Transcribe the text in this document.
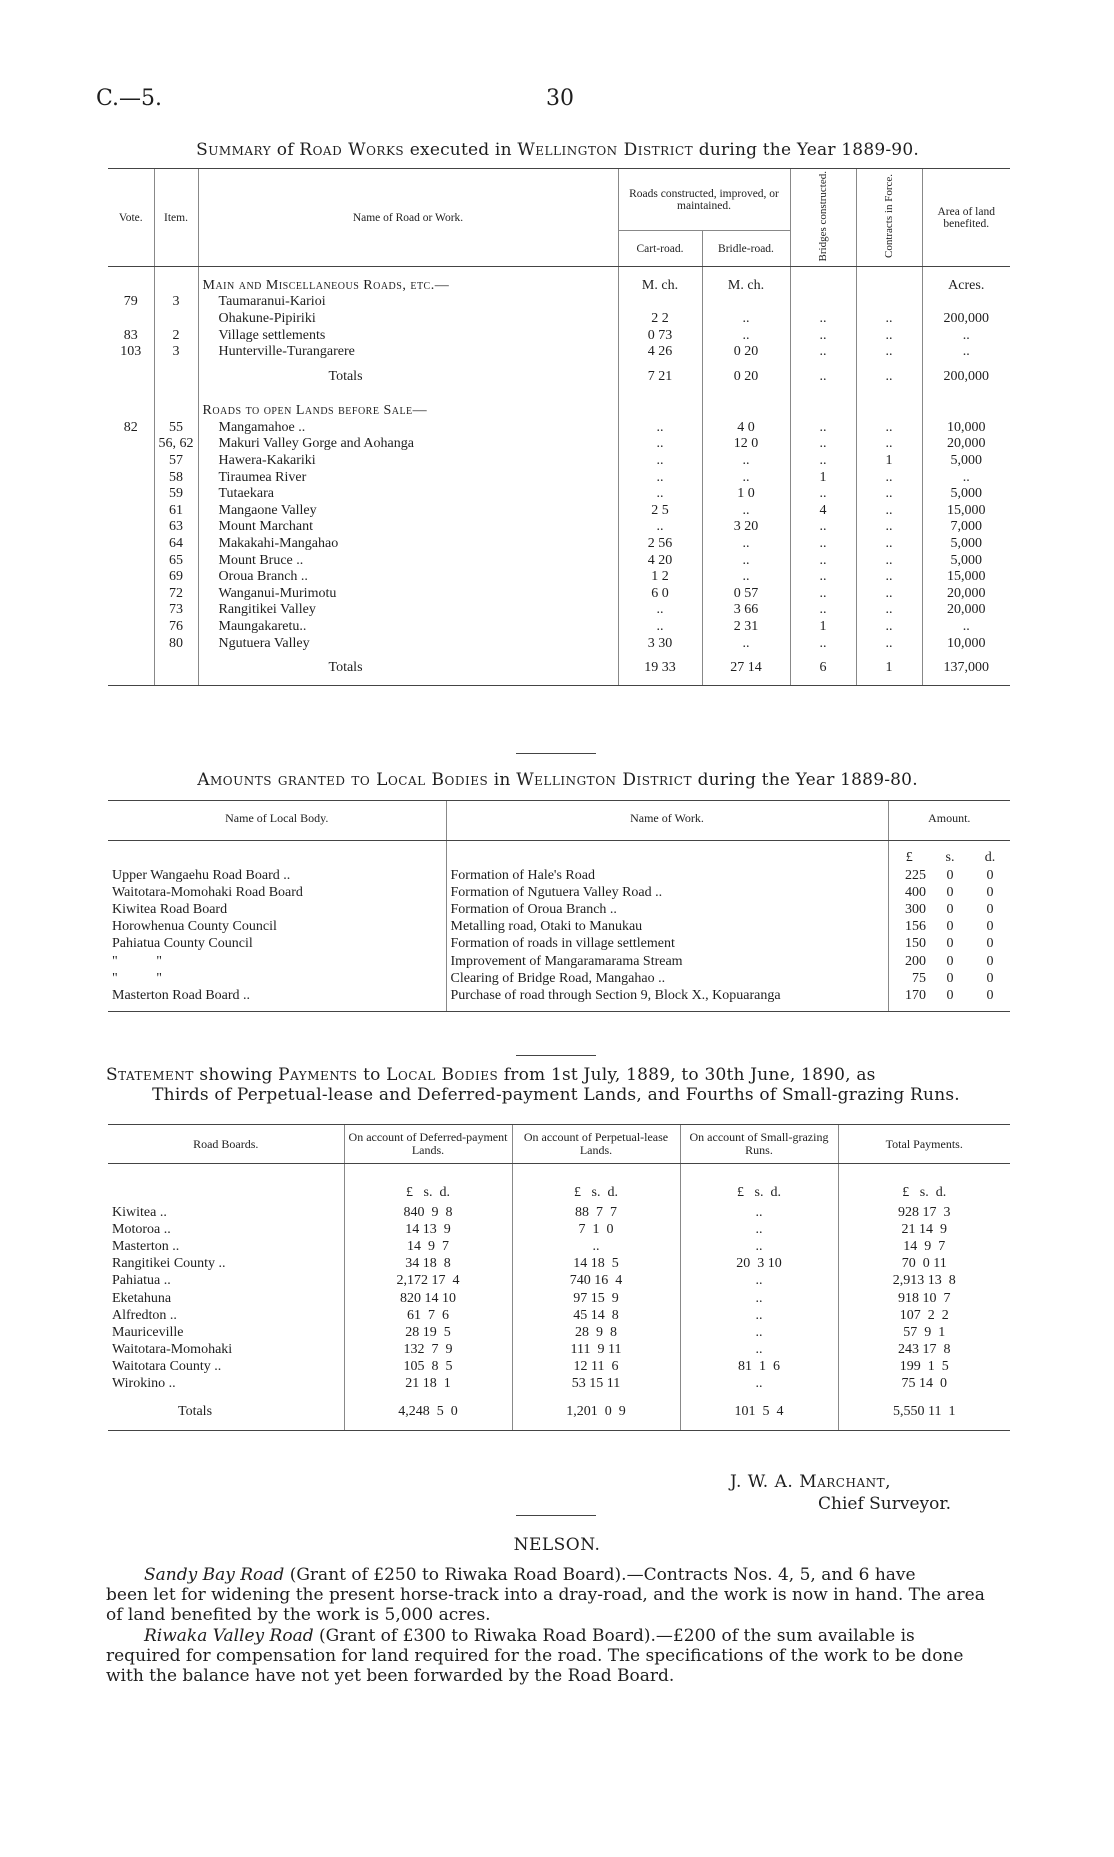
C.—5.	30
Summary of Road Works executed in Wellington District during the Year 1889-90.
Vote.	Item.	Name of Road or Work.	Roads constructed, improved, or maintained.		Bridges constructed.	Contracts in Force.	Area of land benefited.
			Cart-road.	Bridle-road.			
		Main and Miscellaneous Roads, etc.—	M. ch.	M. ch.			Acres.
79	3	Taumaranui-Karioi					
		Ohakune-Pipiriki	2 2	..	..	..	200,000
83	2	Village settlements	0 73	..	..	..	..
103	3	Hunterville-Turangarere	4 26	0 20	..	..	..
		Totals	7 21	0 20	..	..	200,000
		Roads to open Lands before Sale—					
82	55	Mangamahoe ..	..	4 0	..	..	10,000
	56, 62	Makuri Valley Gorge and Aohanga	..	12 0	..	..	20,000
	57	Hawera-Kakariki	..	..	..	1	5,000
	58	Tiraumea River	..	..	1	..	..
	59	Tutaekara	..	1 0	..	..	5,000
	61	Mangaone Valley	2 5	..	4	..	15,000
	63	Mount Marchant	..	3 20	..	..	7,000
	64	Makakahi-Mangahao	2 56	..	..	..	5,000
	65	Mount Bruce ..	4 20	..	..	..	5,000
	69	Oroua Branch ..	1 2	..	..	..	15,000
	72	Wanganui-Murimotu	6 0	0 57	..	..	20,000
	73	Rangitikei Valley	..	3 66	..	..	20,000
	76	Maungakaretu..	..	2 31	1	..	..
	80	Ngutuera Valley	3 30	..	..	..	10,000
		Totals	19 33	27 14	6	1	137,000
Amounts granted to Local Bodies in Wellington District during the Year 1889-80.
Name of Local Body.	Name of Work.	Amount.		
		£	s.	d.
Upper Wangaehu Road Board ..	Formation of Hale's Road	225	0	0
Waitotara-Momohaki Road Board	Formation of Ngutuera Valley Road ..	400	0	0
Kiwitea Road Board	Formation of Oroua Branch ..	300	0	0
Horowhenua County Council	Metalling road, Otaki to Manukau	156	0	0
Pahiatua County Council	Formation of roads in village settlement	150	0	0
"           "	Improvement of Mangaramarama Stream	200	0	0
"           "	Clearing of Bridge Road, Mangahao ..	75	0	0
Masterton Road Board ..	Purchase of road through Section 9, Block X., Kopuaranga	170	0	0
Statement showing Payments to Local Bodies from 1st July, 1889, to 30th June, 1890, as
Thirds of Perpetual-lease and Deferred-payment Lands, and Fourths of Small-grazing Runs.
Road Boards.	On account of Deferred-payment Lands.	On account of Perpetual-lease Lands.	On account of Small-grazing Runs.	Total Payments.
	£   s.  d.	£   s.  d.	£   s.  d.	£   s.  d.
Kiwitea ..	840  9  8	88  7  7	..	928 17  3
Motoroa ..	14 13  9	7  1  0	..	21 14  9
Masterton ..	14  9  7	..	..	14  9  7
Rangitikei County ..	34 18  8	14 18  5	20  3 10	70  0 11
Pahiatua ..	2,172 17  4	740 16  4	..	2,913 13  8
Eketahuna	820 14 10	97 15  9	..	918 10  7
Alfredton ..	61  7  6	45 14  8	..	107  2  2
Mauriceville	28 19  5	28  9  8	..	57  9  1
Waitotara-Momohaki	132  7  9	111  9 11	..	243 17  8
Waitotara County ..	105  8  5	12 11  6	81  1  6	199  1  5
Wirokino ..	21 18  1	53 15 11	..	75 14  0
Totals	4,248  5  0	1,201  0  9	101  5  4	5,550 11  1
J. W. A. Marchant,
Chief Surveyor.
NELSON.
Sandy Bay Road (Grant of £250 to Riwaka Road Board).—Contracts Nos. 4, 5, and 6 have
been let for widening the present horse-track into a dray-road, and the work is now in hand. The area of land benefited by the work is 5,000 acres.
Riwaka Valley Road (Grant of £300 to Riwaka Road Board).—£200 of the sum available is
required for compensation for land required for the road. The specifications of the work to be done with the balance have not yet been forwarded by the Road Board.
